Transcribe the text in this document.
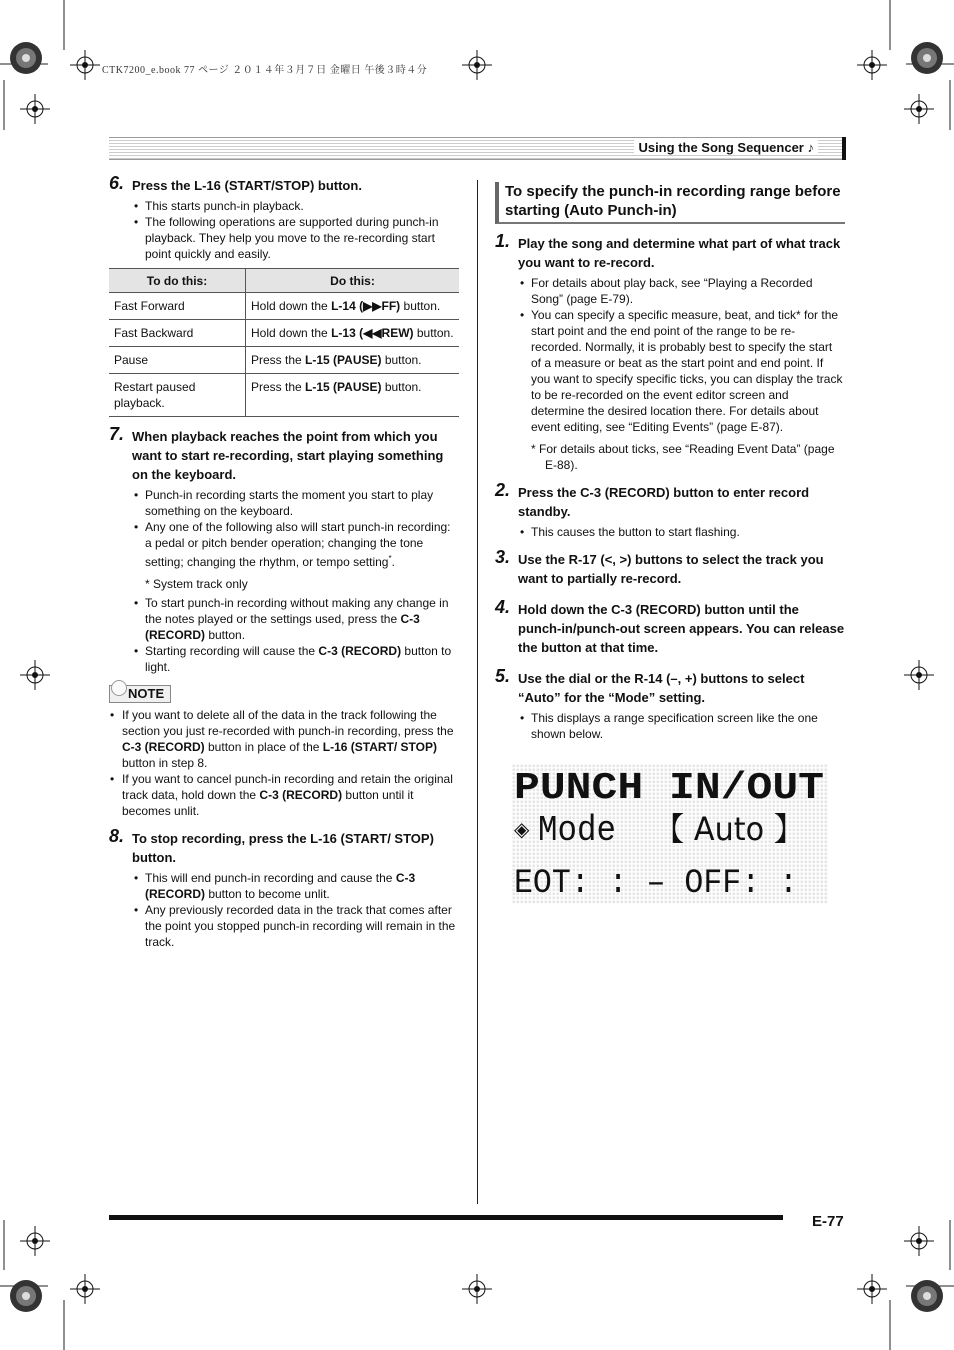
CTK7200_e.book 77 ページ ２０１４年３月７日 金曜日 午後３時４分
Using the Song Sequencer ♪
6. Press the L-16 (START/STOP) button.
• This starts punch-in playback.
• The following operations are supported during punch-in playback. They help you move to the re-recording start point quickly and easily.
To do this:	Do this:
Fast Forward	Hold down the L-14 (▶▶FF) button.
Fast Backward	Hold down the L-13 (◀◀REW) button.
Pause	Press the L-15 (PAUSE) button.
Restart paused playback.	Press the L-15 (PAUSE) button.
7. When playback reaches the point from which you want to start re-recording, start playing something on the keyboard.
• Punch-in recording starts the moment you start to play something on the keyboard.
• Any one of the following also will start punch-in recording: a pedal or pitch bender operation; changing the tone setting; changing the rhythm, or tempo setting*.
* System track only
• To start punch-in recording without making any change in the notes played or the settings used, press the C-3 (RECORD) button.
• Starting recording will cause the C-3 (RECORD) button to light.
NOTE
• If you want to delete all of the data in the track following the section you just re-recorded with punch-in recording, press the C-3 (RECORD) button in place of the L-16 (START/ STOP) button in step 8.
• If you want to cancel punch-in recording and retain the original track data, hold down the C-3 (RECORD) button until it becomes unlit.
8. To stop recording, press the L-16 (START/ STOP) button.
• This will end punch-in recording and cause the C-3 (RECORD) button to become unlit.
• Any previously recorded data in the track that comes after the point you stopped punch-in recording will remain in the track.
To specify the punch-in recording range before starting (Auto Punch-in)
1. Play the song and determine what part of what track you want to re-record.
• For details about play back, see “Playing a Recorded Song” (page E-79).
• You can specify a specific measure, beat, and tick* for the start point and the end point of the range to be re-recorded. Normally, it is probably best to specify the start of a measure or beat as the start point and end point. If you want to specify specific ticks, you can display the track to be re-recorded on the event editor screen and determine the desired location there. For details about event editing, see “Editing Events” (page E-87).
* For details about ticks, see “Reading Event Data” (page E-88).
2. Press the C-3 (RECORD) button to enter record standby.
• This causes the button to start flashing.
3. Use the R-17 (<, >) buttons to select the track you want to partially re-record.
4. Hold down the C-3 (RECORD) button until the punch-in/punch-out screen appears. You can release the button at that time.
5. Use the dial or the R-14 (–, +) buttons to select “Auto” for the “Mode” setting.
• This displays a range specification screen like the one shown below.
PUNCH IN/OUT
◈ Mode 【 Auto 】
EOT: : – OFF: :
E-77
